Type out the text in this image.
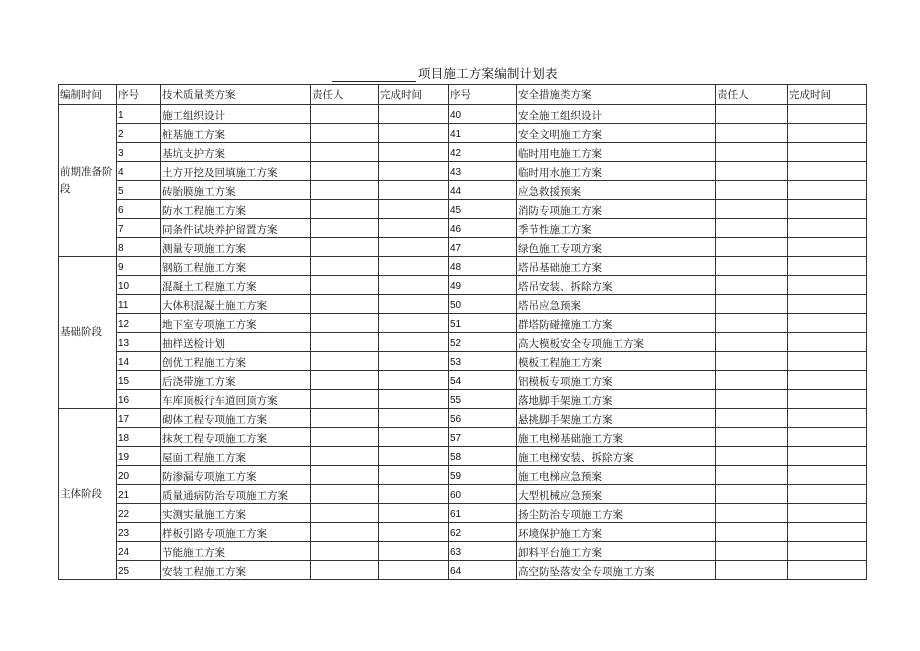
项目施工方案编制计划表
编制时间	序号	技术质量类方案	责任人	完成时间	序号	安全措施类方案	责任人	完成时间
前期准备阶段	1	施工组织设计			40	安全施工组织设计		
	2	桩基施工方案			41	安全文明施工方案		
	3	基坑支护方案			42	临时用电施工方案		
	4	土方开挖及回填施工方案			43	临时用水施工方案		
	5	砖胎膜施工方案			44	应急救援预案		
	6	防水工程施工方案			45	消防专项施工方案		
	7	同条件试块养护留置方案			46	季节性施工方案		
	8	测量专项施工方案			47	绿色施工专项方案		
基础阶段	9	钢筋工程施工方案			48	塔吊基础施工方案		
	10	混凝土工程施工方案			49	塔吊安装、拆除方案		
	11	大体积混凝土施工方案			50	塔吊应急预案		
	12	地下室专项施工方案			51	群塔防碰撞施工方案		
	13	抽样送检计划			52	高大模板安全专项施工方案		
	14	创优工程施工方案			53	模板工程施工方案		
	15	后浇带施工方案			54	铝模板专项施工方案		
	16	车库顶板行车道回顶方案			55	落地脚手架施工方案		
主体阶段	17	砌体工程专项施工方案			56	悬挑脚手架施工方案		
	18	抹灰工程专项施工方案			57	施工电梯基础施工方案		
	19	屋面工程施工方案			58	施工电梯安装、拆除方案		
	20	防渗漏专项施工方案			59	施工电梯应急预案		
	21	质量通病防治专项施工方案			60	大型机械应急预案		
	22	实测实量施工方案			61	扬尘防治专项施工方案		
	23	样板引路专项施工方案			62	环境保护施工方案		
	24	节能施工方案			63	卸料平台施工方案		
	25	安装工程施工方案			64	高空防坠落安全专项施工方案		
